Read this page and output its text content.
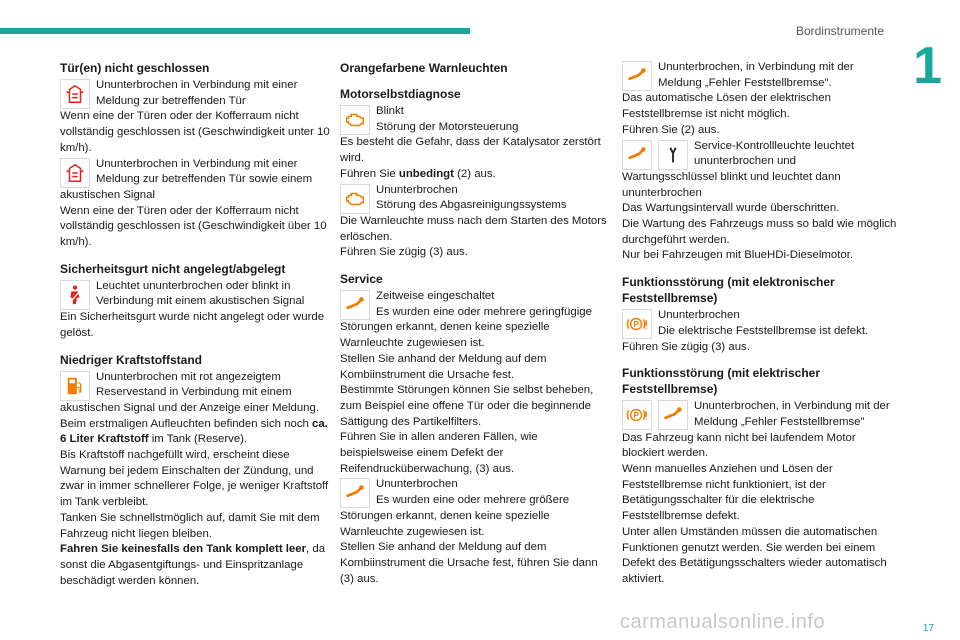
Bordinstrumente
1
Tür(en) nicht geschlossen
Ununterbrochen in Verbindung mit einer Meldung zur betreffenden Tür

Wenn eine der Türen oder der Kofferraum nicht vollständig geschlossen ist (Geschwindigkeit unter 10 km/h).

Ununterbrochen in Verbindung mit einer Meldung zur betreffenden Tür sowie einem

akustischen Signal
Wenn eine der Türen oder der Kofferraum nicht vollständig geschlossen ist (Geschwindigkeit über 10 km/h).

Sicherheitsgurt nicht angelegt/abgelegt
Leuchtet ununterbrochen oder blinkt in Verbindung mit einem akustischen Signal

Ein Sicherheitsgurt wurde nicht angelegt oder wurde gelöst.

Niedriger Kraftstoffstand
Ununterbrochen mit rot angezeigtem Reservestand in Verbindung mit einem

akustischen Signal und der Anzeige einer Meldung.

Beim erstmaligen Aufleuchten befinden sich noch ca. 6 Liter Kraftstoff im Tank (Reserve).

Bis Kraftstoff nachgefüllt wird, erscheint diese Warnung bei jedem Einschalten der Zündung, und zwar in immer schnellerer Folge, je weniger Kraftstoff im Tank verbleibt.

Tanken Sie schnellstmöglich auf, damit Sie mit dem Fahrzeug nicht liegen bleiben.

Fahren Sie keinesfalls den Tank komplett leer, da sonst die Abgasentgiftungs- und Einspritzanlage beschädigt werden können.

Orangefarbene Warnleuchten
Motorselbstdiagnose
Blinkt
Störung der Motorsteuerung

Es besteht die Gefahr, dass der Katalysator zerstört wird.

Führen Sie unbedingt (2) aus.

Ununterbrochen
Störung des Abgasreinigungssystems

Die Warnleuchte muss nach dem Starten des Motors erlöschen.
Führen Sie zügig (3) aus.

Service
Zeitweise eingeschaltet
Es wurden eine oder mehrere geringfügige

Störungen erkannt, denen keine spezielle Warnleuchte zugewiesen ist.
Stellen Sie anhand der Meldung auf dem Kombiinstrument die Ursache fest.
Bestimmte Störungen können Sie selbst beheben, zum Beispiel eine offene Tür oder die beginnende Sättigung des Partikelfilters.
Führen Sie in allen anderen Fällen, wie beispielsweise einem Defekt der Reifendrucküberwachung, (3) aus.

Ununterbrochen
Es wurden eine oder mehrere größere

Störungen erkannt, denen keine spezielle Warnleuchte zugewiesen ist.
Stellen Sie anhand der Meldung auf dem Kombiinstrument die Ursache fest, führen Sie dann (3) aus.

Ununterbrochen, in Verbindung mit der Meldung „Fehler Feststellbremse".

Das automatische Lösen der elektrischen Feststellbremse ist nicht möglich.
Führen Sie (2) aus.

Service-Kontrollleuchte leuchtet ununterbrochen und

Wartungsschlüssel blinkt und leuchtet dann ununterbrochen
Das Wartungsintervall wurde überschritten.
Die Wartung des Fahrzeugs muss so bald wie möglich durchgeführt werden.
Nur bei Fahrzeugen mit BlueHDi-Dieselmotor.

Funktionsstörung (mit elektronischer Feststellbremse)
P
Ununterbrochen
Die elektrische Feststellbremse ist defekt.

Führen Sie zügig (3) aus.

Funktionsstörung (mit elektrischer Feststellbremse)
P
Ununterbrochen, in Verbindung mit der Meldung „Fehler Feststellbremse"

Das Fahrzeug kann nicht bei laufendem Motor blockiert werden.
Wenn manuelles Anziehen und Lösen der Feststellbremse nicht funktioniert, ist der Betätigungsschalter für die elektrische Feststellbremse defekt.
Unter allen Umständen müssen die automatischen Funktionen genutzt werden. Sie werden bei einem Defekt des Betätigungsschalters wieder automatisch aktiviert.

carmanualsonline.info	17
